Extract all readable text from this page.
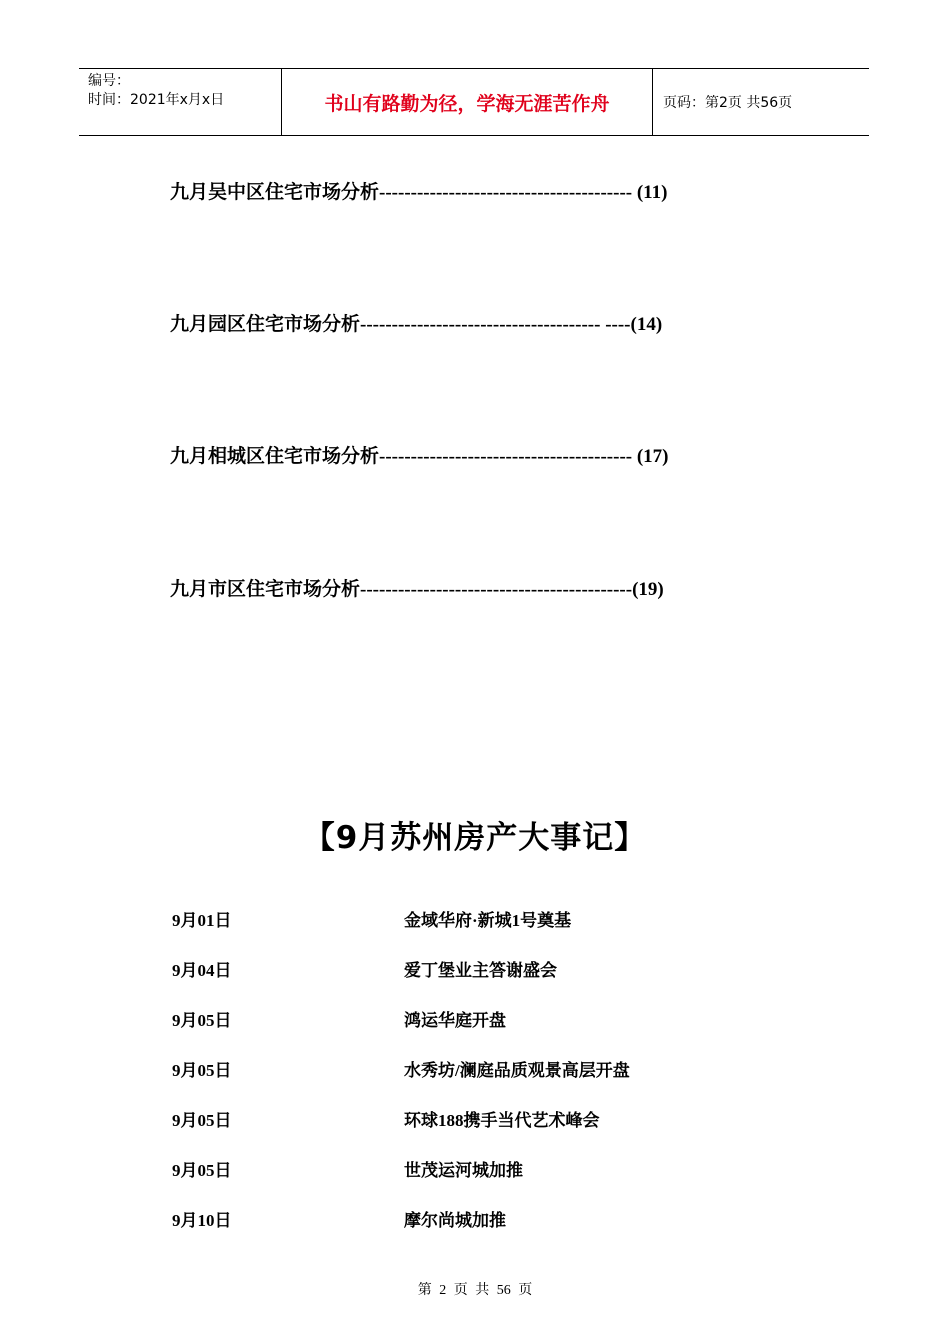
编号：
时间：2021年x月x日	书山有路勤为径，学海无涯苦作舟	页码：第2页 共56页
九月吴中区住宅市场分析---------------------------------------- (11)
九月园区住宅市场分析-------------------------------------- ----(14)
九月相城区住宅市场分析---------------------------------------- (17)
九月市区住宅市场分析-------------------------------------------(19)
【9月苏州房产大事记】
9月01日	金域华府·新城1号奠基
9月04日	爱丁堡业主答谢盛会
9月05日	鸿运华庭开盘
9月05日	水秀坊/澜庭品质观景高层开盘
9月05日	环球188携手当代艺术峰会
9月05日	世茂运河城加推
9月10日	摩尔尚城加推
第 2 页 共 56 页
